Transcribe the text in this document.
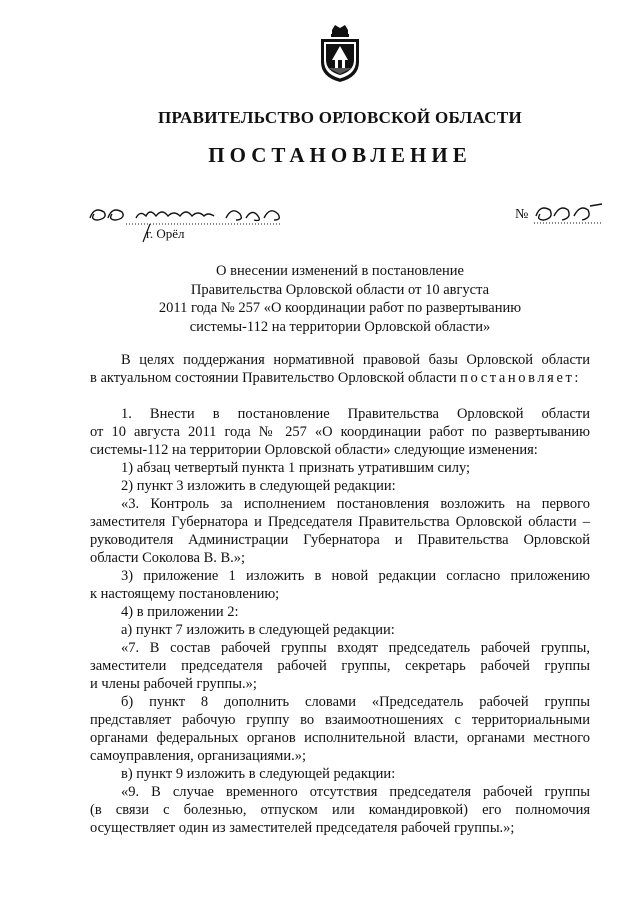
ПРАВИТЕЛЬСТВО ОРЛОВСКОЙ ОБЛАСТИ
ПОСТАНОВЛЕНИЕ
г. Орёл
№
О внесении изменений в постановление
Правительства Орловской области от 10 августа
2011 года № 257 «О координации работ по развертыванию
системы-112 на территории Орловской области»
В целях поддержания нормативной правовой базы Орловской области
в актуальном состоянии Правительство Орловской области постановляет:
1. Внести в постановление Правительства Орловской области
от 10 августа 2011 года № 257 «О координации работ по развертыванию
системы-112 на территории Орловской области» следующие изменения:
1) абзац четвертый пункта 1 признать утратившим силу;
2) пункт 3 изложить в следующей редакции:
«3. Контроль за исполнением постановления возложить на первого
заместителя Губернатора и Председателя Правительства Орловской области –
руководителя Администрации Губернатора и Правительства Орловской
области Соколова В. В.»;
3) приложение 1 изложить в новой редакции согласно приложению
к настоящему постановлению;
4) в приложении 2:
а) пункт 7 изложить в следующей редакции:
«7. В состав рабочей группы входят председатель рабочей группы,
заместители председателя рабочей группы, секретарь рабочей группы
и члены рабочей группы.»;
б) пункт 8 дополнить словами «Председатель рабочей группы
представляет рабочую группу во взаимоотношениях с территориальными
органами федеральных органов исполнительной власти, органами местного
самоуправления, организациями.»;
в) пункт 9 изложить в следующей редакции:
«9. В случае временного отсутствия председателя рабочей группы
(в связи с болезнью, отпуском или командировкой) его полномочия
осуществляет один из заместителей председателя рабочей группы.»;
